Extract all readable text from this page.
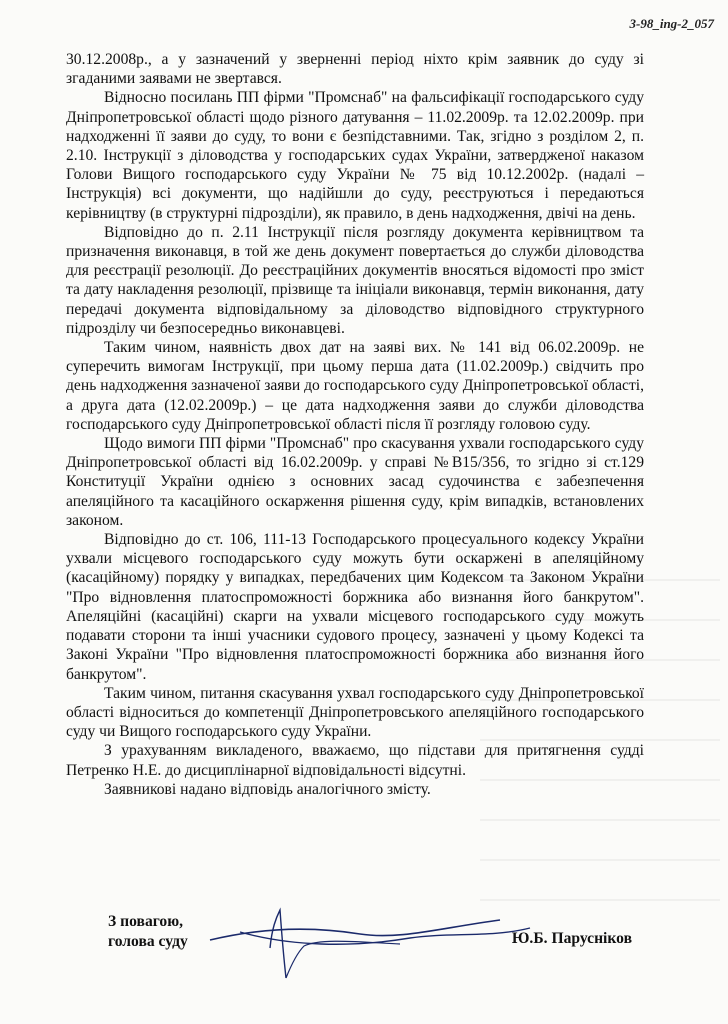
3-98_ing-2_057

30.12.2008р., а у зазначений у зверненні період ніхто крім заявник до суду зі згаданими заявами не звертався.

Відносно посилань ПП фірми "Промснаб" на фальсифікації господарського суду Дніпропетровської області щодо різного датування – 11.02.2009р. та 12.02.2009р. при надходженні її заяви до суду, то вони є безпідставними. Так, згідно з розділом 2, п. 2.10. Інструкції з діловодства у господарських судах України, затвердженої наказом Голови Вищого господарського суду України № 75 від 10.12.2002р. (надалі –Інструкція) всі документи, що надійшли до суду, реєструються і передаються керівництву (в структурні підрозділи), як правило, в день надходження, двічі на день.

Відповідно до п. 2.11 Інструкції після розгляду документа керівництвом та призначення виконавця, в той же день документ повертається до служби діловодства для реєстрації резолюції. До реєстраційних документів вносяться відомості про зміст та дату накладення резолюції, прізвище та ініціали виконавця, термін виконання, дату передачі документа відповідальному за діловодство відповідного структурного підрозділу чи безпосередньо виконавцеві.

Таким чином, наявність двох дат на заяві вих. № 141 від 06.02.2009р. не суперечить вимогам Інструкції, при цьому перша дата (11.02.2009р.) свідчить про день надходження зазначеної заяви до господарського суду Дніпропетровської області, а друга дата (12.02.2009р.) – це дата надходження заяви до служби діловодства господарського суду Дніпропетровської області після її розгляду головою суду.

Щодо вимоги ПП фірми "Промснаб" про скасування ухвали господарського суду Дніпропетровської області від 16.02.2009р. у справі №В15/356, то згідно зі ст.129 Конституції України однією з основних засад судочинства є забезпечення апеляційного та касаційного оскарження рішення суду, крім випадків, встановлених законом.

Відповідно до ст. 106, 111-13 Господарського процесуального кодексу України ухвали місцевого господарського суду можуть бути оскаржені в апеляційному (касаційному) порядку у випадках, передбачених цим Кодексом та Законом України "Про відновлення платоспроможності боржника або визнання його банкрутом". Апеляційні (касаційні) скарги на ухвали місцевого господарського суду можуть подавати сторони та інші учасники судового процесу, зазначені у цьому Кодексі та Законі України "Про відновлення платоспроможності боржника або визнання його банкрутом".

Таким чином, питання скасування ухвал господарського суду Дніпропетровської області відноситься до компетенції Дніпропетровського апеляційного господарського суду чи Вищого господарського суду України.

З урахуванням викладеного, вважаємо, що підстави для притягнення судді Петренко Н.Е. до дисциплінарної відповідальності відсутні.

Заявникові надано відповідь аналогічного змісту.

З повагою,
голова суду	Ю.Б. Паруснiков
